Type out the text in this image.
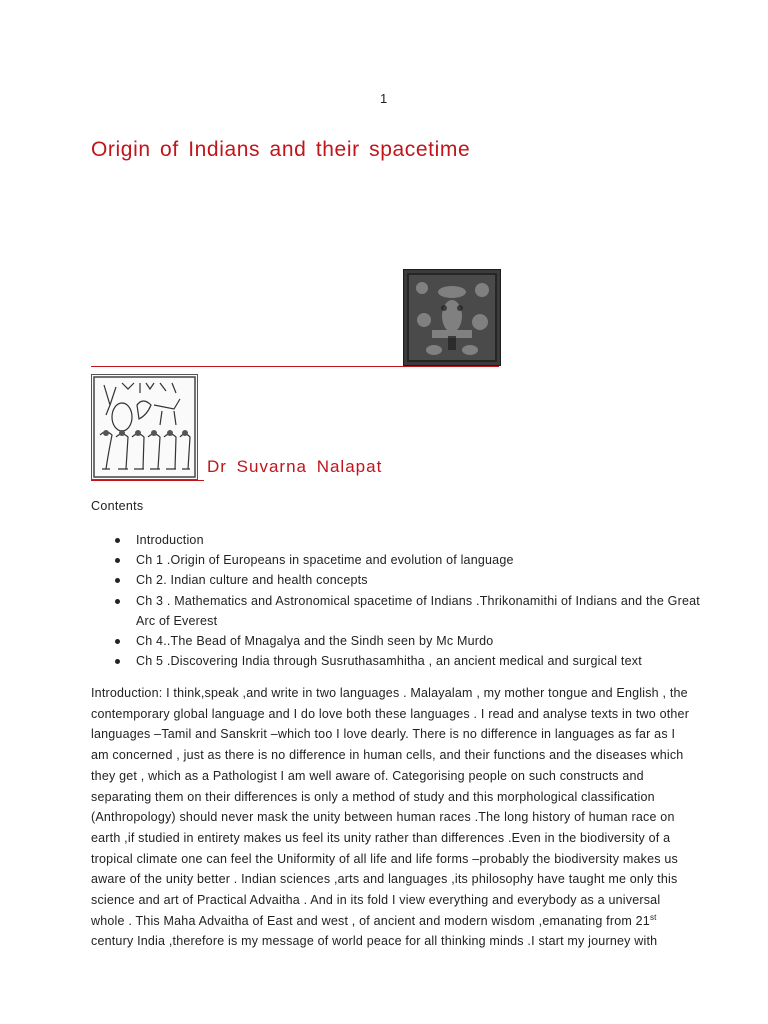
1
Origin of Indians and their spacetime
Dr Suvarna Nalapat
Contents
Introduction
Ch 1 .Origin of Europeans in spacetime and evolution of language
Ch 2. Indian culture and health concepts
Ch 3 . Mathematics and Astronomical spacetime of Indians .Thrikonamithi of Indians and the Great Arc of Everest
Ch 4..The Bead of Mnagalya and the Sindh seen by Mc Murdo
Ch 5 .Discovering India through Susruthasamhitha , an ancient medical and surgical text

Introduction: I think,speak ,and write in two languages . Malayalam , my mother tongue and English , the contemporary global language and I do love both these languages . I read and analyse texts in two other languages –Tamil and Sanskrit –which too I love dearly. There is no difference in languages as far as I am concerned , just as there is no difference in human cells, and their functions and the diseases which they get , which as a Pathologist I am well aware of. Categorising people on such constructs and separating them on their differences is only a method of study and this morphological classification (Anthropology) should never mask the unity between human races .The long history of human race on earth ,if studied in entirety makes us feel its unity rather than differences .Even in the biodiversity of a tropical climate one can feel the Uniformity of all life and life forms –probably the biodiversity makes us aware of the unity better . Indian sciences ,arts and languages ,its philosophy have taught me only this science and art of Practical Advaitha . And in its fold I view everything and everybody as a universal whole . This Maha Advaitha of East and west , of ancient and modern wisdom ,emanating from 21st century India ,therefore is my message of world peace for all thinking minds .I start my journey with
